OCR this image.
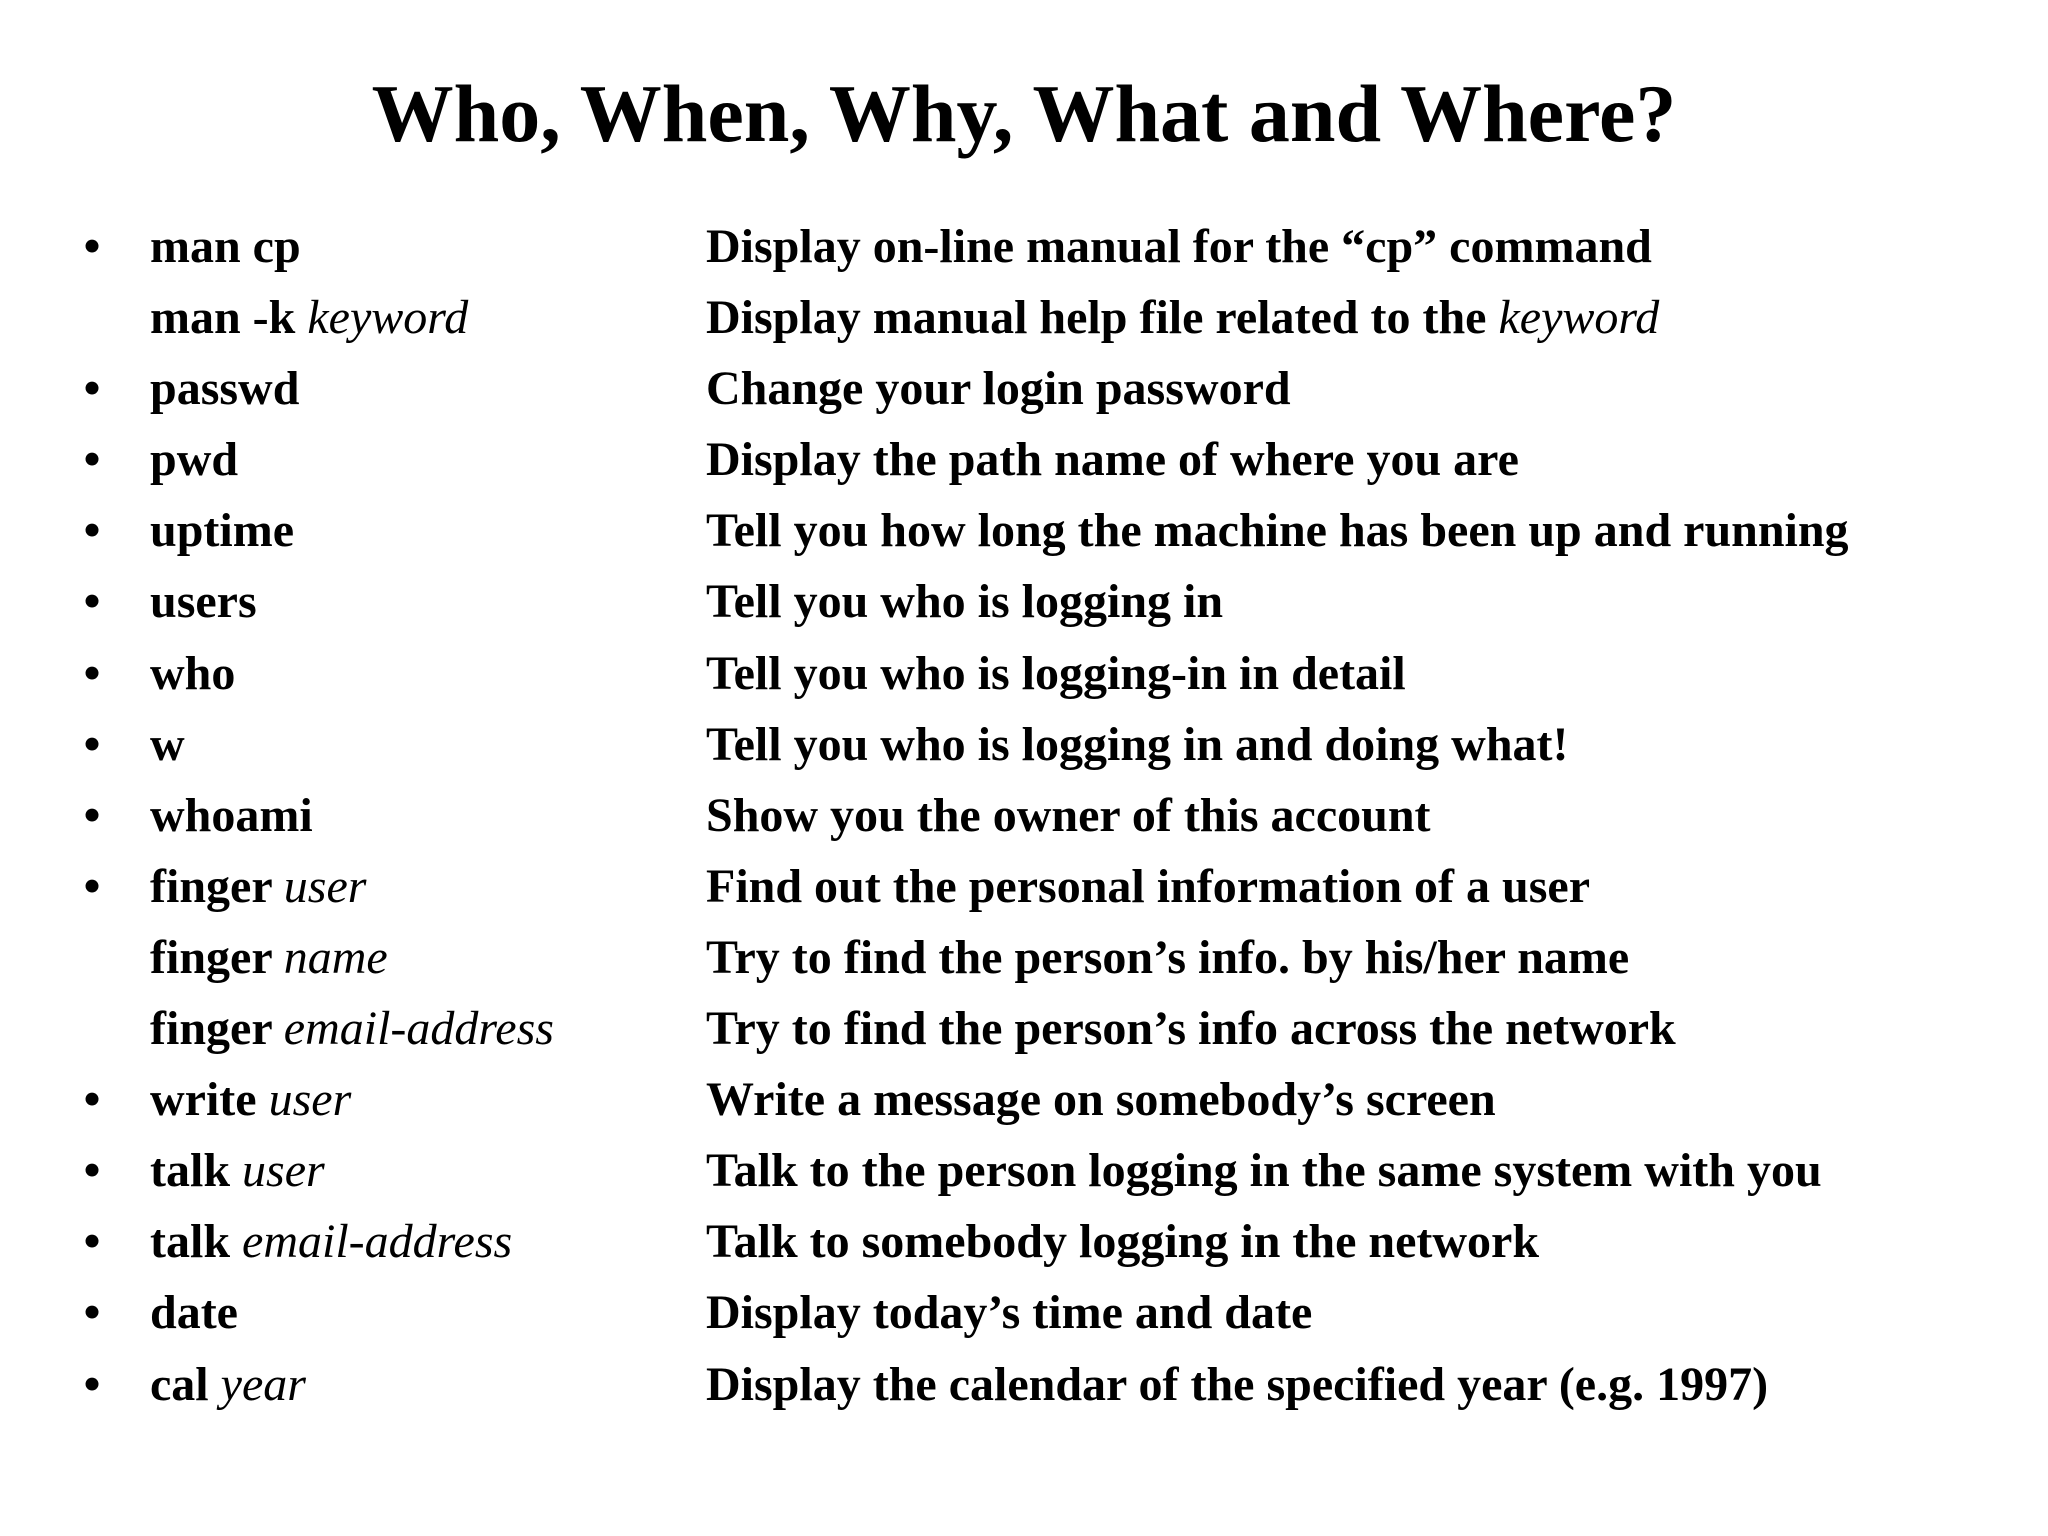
Who, When, Why, What and Where?
• man cp	Display on-line manual for the “cp” command
man -k keyword	Display manual help file related to the keyword
• passwd	Change your login password
• pwd	Display the path name of where you are
• uptime	Tell you how long the machine has been up and running
• users	Tell you who is logging in
• who	Tell you who is logging-in in detail
• w	Tell you who is logging in and doing what!
• whoami	Show you the owner of this account
• finger user	Find out the personal information of a user
finger name	Try to find the person’s info. by his/her name
finger email-address	Try to find the person’s info across the network
• write user	Write a message on somebody’s screen
• talk user	Talk to the person logging in the same system with you
• talk email-address	Talk to somebody logging in the network
• date	Display today’s time and date
• cal year	Display the calendar of the specified year (e.g. 1997)
